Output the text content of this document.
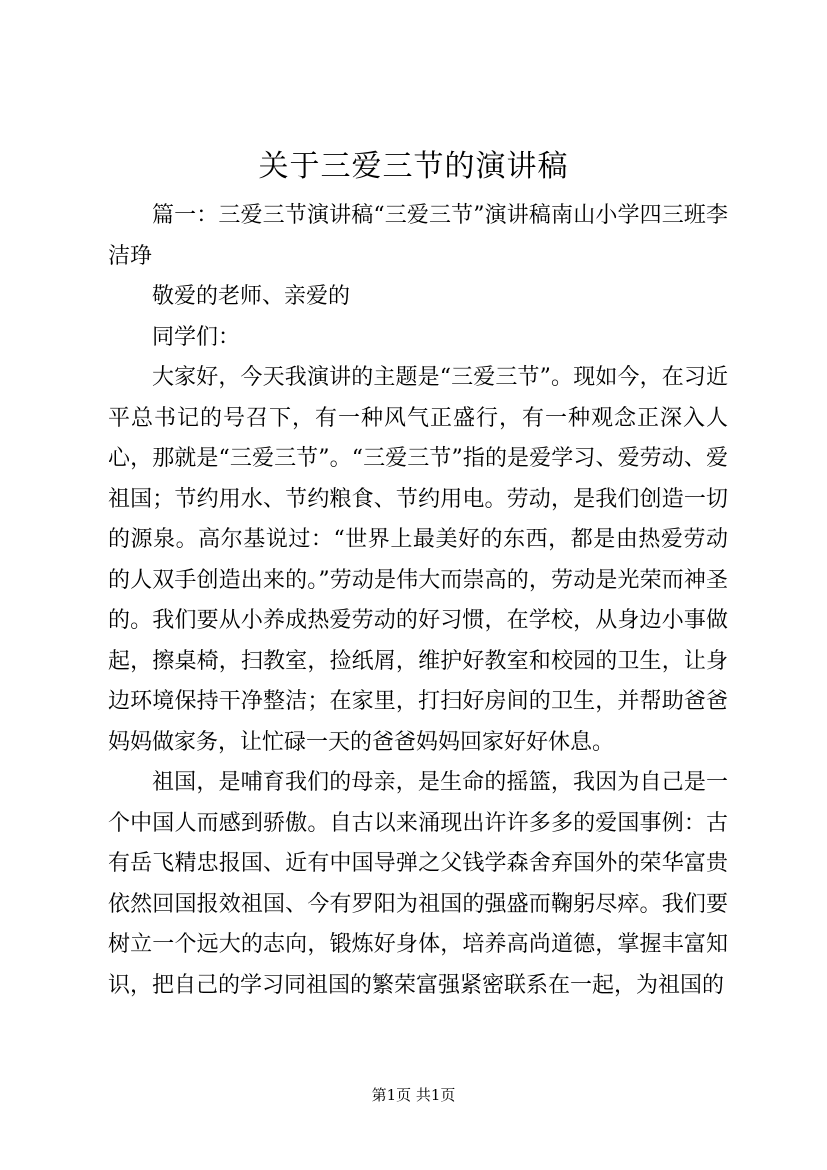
关于三爱三节的演讲稿

篇一：三爱三节演讲稿“三爱三节”演讲稿南山小学四三班李洁琤

敬爱的老师、亲爱的

同学们：

大家好，今天我演讲的主题是“三爱三节”。现如今，在习近平总书记的号召下，有一种风气正盛行，有一种观念正深入人心，那就是“三爱三节”。“三爱三节”指的是爱学习、爱劳动、爱祖国；节约用水、节约粮食、节约用电。劳动，是我们创造一切的源泉。高尔基说过：“世界上最美好的东西，都是由热爱劳动的人双手创造出来的。”劳动是伟大而崇高的，劳动是光荣而神圣的。我们要从小养成热爱劳动的好习惯，在学校，从身边小事做起，擦桌椅，扫教室，捡纸屑，维护好教室和校园的卫生，让身边环境保持干净整洁；在家里，打扫好房间的卫生，并帮助爸爸妈妈做家务，让忙碌一天的爸爸妈妈回家好好休息。

祖国，是哺育我们的母亲，是生命的摇篮，我因为自己是一个中国人而感到骄傲。自古以来涌现出许许多多的爱国事例：古有岳飞精忠报国、近有中国导弹之父钱学森舍弃国外的荣华富贵依然回国报效祖国、今有罗阳为祖国的强盛而鞠躬尽瘁。我们要树立一个远大的志向，锻炼好身体，培养高尚道德，掌握丰富知识，把自己的学习同祖国的繁荣富强紧密联系在一起，为祖国的

第1页 共1页
